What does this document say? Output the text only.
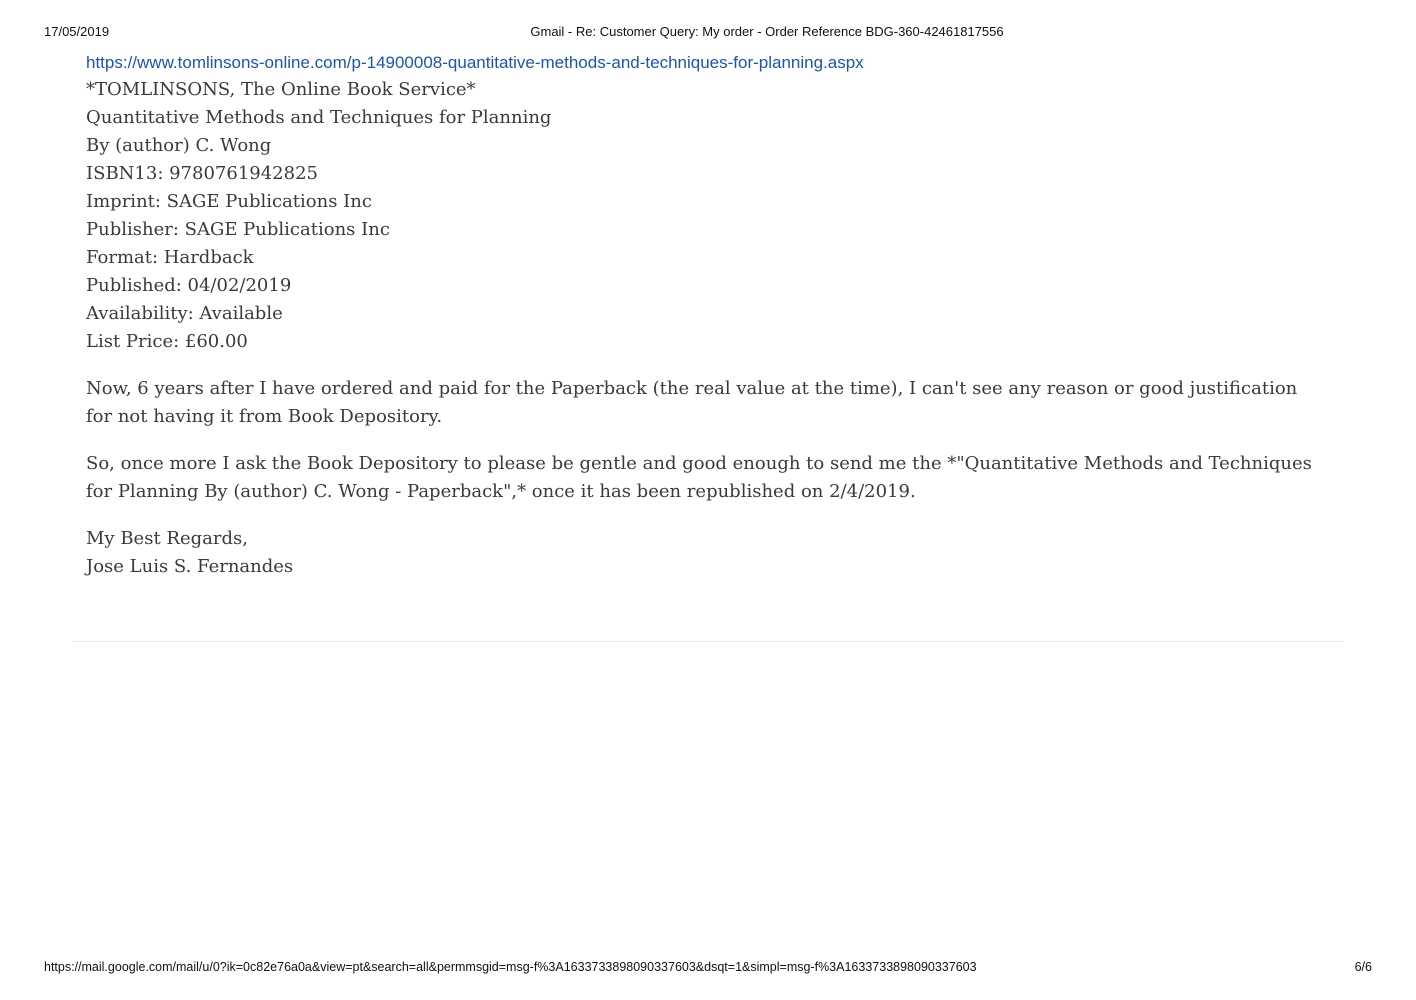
17/05/2019	Gmail - Re: Customer Query: My order - Order Reference BDG-360-42461817556
https://www.tomlinsons-online.com/p-14900008-quantitative-methods-and-techniques-for-planning.aspx
*TOMLINSONS, The Online Book Service*
Quantitative Methods and Techniques for Planning
By (author) C. Wong
ISBN13: 9780761942825
Imprint: SAGE Publications Inc
Publisher: SAGE Publications Inc
Format: Hardback
Published: 04/02/2019
Availability: Available
List Price: £60.00
Now, 6 years after I have ordered and paid for the Paperback (the real value at the time), I can't see any reason or good justification for not having it from Book Depository.
So, once more I ask the Book Depository to please be gentle and good enough to send me the *"Quantitative Methods and Techniques for Planning By (author) C. Wong - Paperback",* once it has been republished on 2/4/2019.
My Best Regards,
Jose Luis S. Fernandes
https://mail.google.com/mail/u/0?ik=0c82e76a0a&view=pt&search=all&permmsgid=msg-f%3A1633733898090337603&dsqt=1&simpl=msg-f%3A1633733898090337603	6/6
